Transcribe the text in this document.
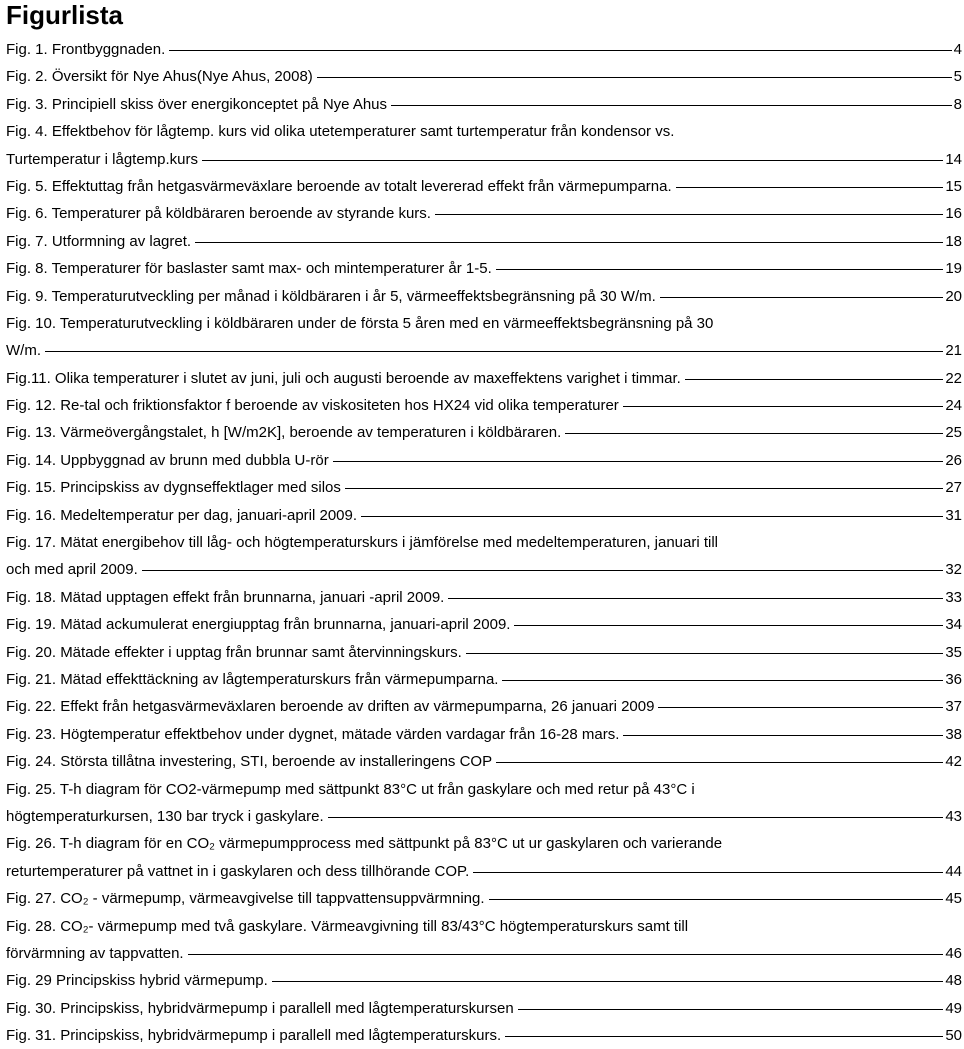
Figurlista
Fig. 1. Frontbyggnaden.	4
Fig. 2. Översikt för Nye Ahus(Nye Ahus, 2008)	5
Fig. 3. Principiell skiss över energikonceptet på Nye Ahus	8
Fig. 4. Effektbehov för lågtemp. kurs vid olika utetemperaturer samt turtemperatur från kondensor vs.
Turtemperatur i lågtemp.kurs	14
Fig. 5. Effektuttag från hetgasvärmeväxlare beroende av totalt levererad effekt från värmepumparna.	15
Fig. 6. Temperaturer på köldbäraren beroende av styrande kurs.	16
Fig. 7. Utformning av lagret.	18
Fig. 8. Temperaturer för baslaster samt max- och mintemperaturer år 1-5.	19
Fig. 9. Temperaturutveckling per månad i köldbäraren i år 5, värmeeffektsbegränsning på 30 W/m.	20
Fig. 10. Temperaturutveckling i köldbäraren under de första 5 åren med en värmeeffektsbegränsning på 30
W/m.	21
Fig.11. Olika temperaturer i slutet av juni, juli och augusti beroende av maxeffektens varighet i timmar.	22
Fig. 12. Re-tal och friktionsfaktor f beroende av viskositeten hos HX24 vid olika temperaturer	24
Fig. 13. Värmeövergångstalet, h [W/m2K], beroende av temperaturen i köldbäraren.	25
Fig. 14. Uppbyggnad av brunn med dubbla U-rör	26
Fig. 15. Principskiss av dygnseffektlager med silos	27
Fig. 16. Medeltemperatur per dag, januari-april 2009.	31
Fig. 17. Mätat energibehov till låg- och högtemperaturskurs i jämförelse med medeltemperaturen, januari till
och med april 2009.	32
Fig. 18. Mätad upptagen effekt från brunnarna, januari -april 2009.	33
Fig. 19. Mätad ackumulerat energiupptag från brunnarna, januari-april 2009.	34
Fig. 20. Mätade effekter i upptag från brunnar samt återvinningskurs.	35
Fig. 21. Mätad effekttäckning av lågtemperaturskurs från värmepumparna.	36
Fig. 22. Effekt från hetgasvärmeväxlaren beroende av driften av värmepumparna, 26 januari 2009	37
Fig. 23. Högtemperatur effektbehov under dygnet, mätade värden vardagar från 16-28 mars.	38
Fig. 24. Största tillåtna investering, STI, beroende av installeringens COP	42
Fig. 25. T-h diagram för CO2-värmepump med sättpunkt 83°C ut från gaskylare och med retur på 43°C i
högtemperaturkursen, 130 bar tryck i gaskylare.	43
Fig. 26. T-h diagram för en CO₂ värmepumpprocess med sättpunkt på 83°C ut ur gaskylaren och varierande
returtemperaturer på vattnet in i gaskylaren och dess tillhörande COP.	44
Fig. 27. CO₂ - värmepump, värmeavgivelse till tappvattensuppvärmning.	45
Fig. 28. CO₂- värmepump med två gaskylare. Värmeavgivning till 83/43°C högtemperaturskurs samt till
förvärmning av tappvatten.	46
Fig. 29 Principskiss hybrid värmepump.	48
Fig. 30. Principskiss, hybridvärmepump i parallell med lågtemperaturskursen	49
Fig. 31. Principskiss, hybridvärmepump i parallell med lågtemperaturskurs.	50
